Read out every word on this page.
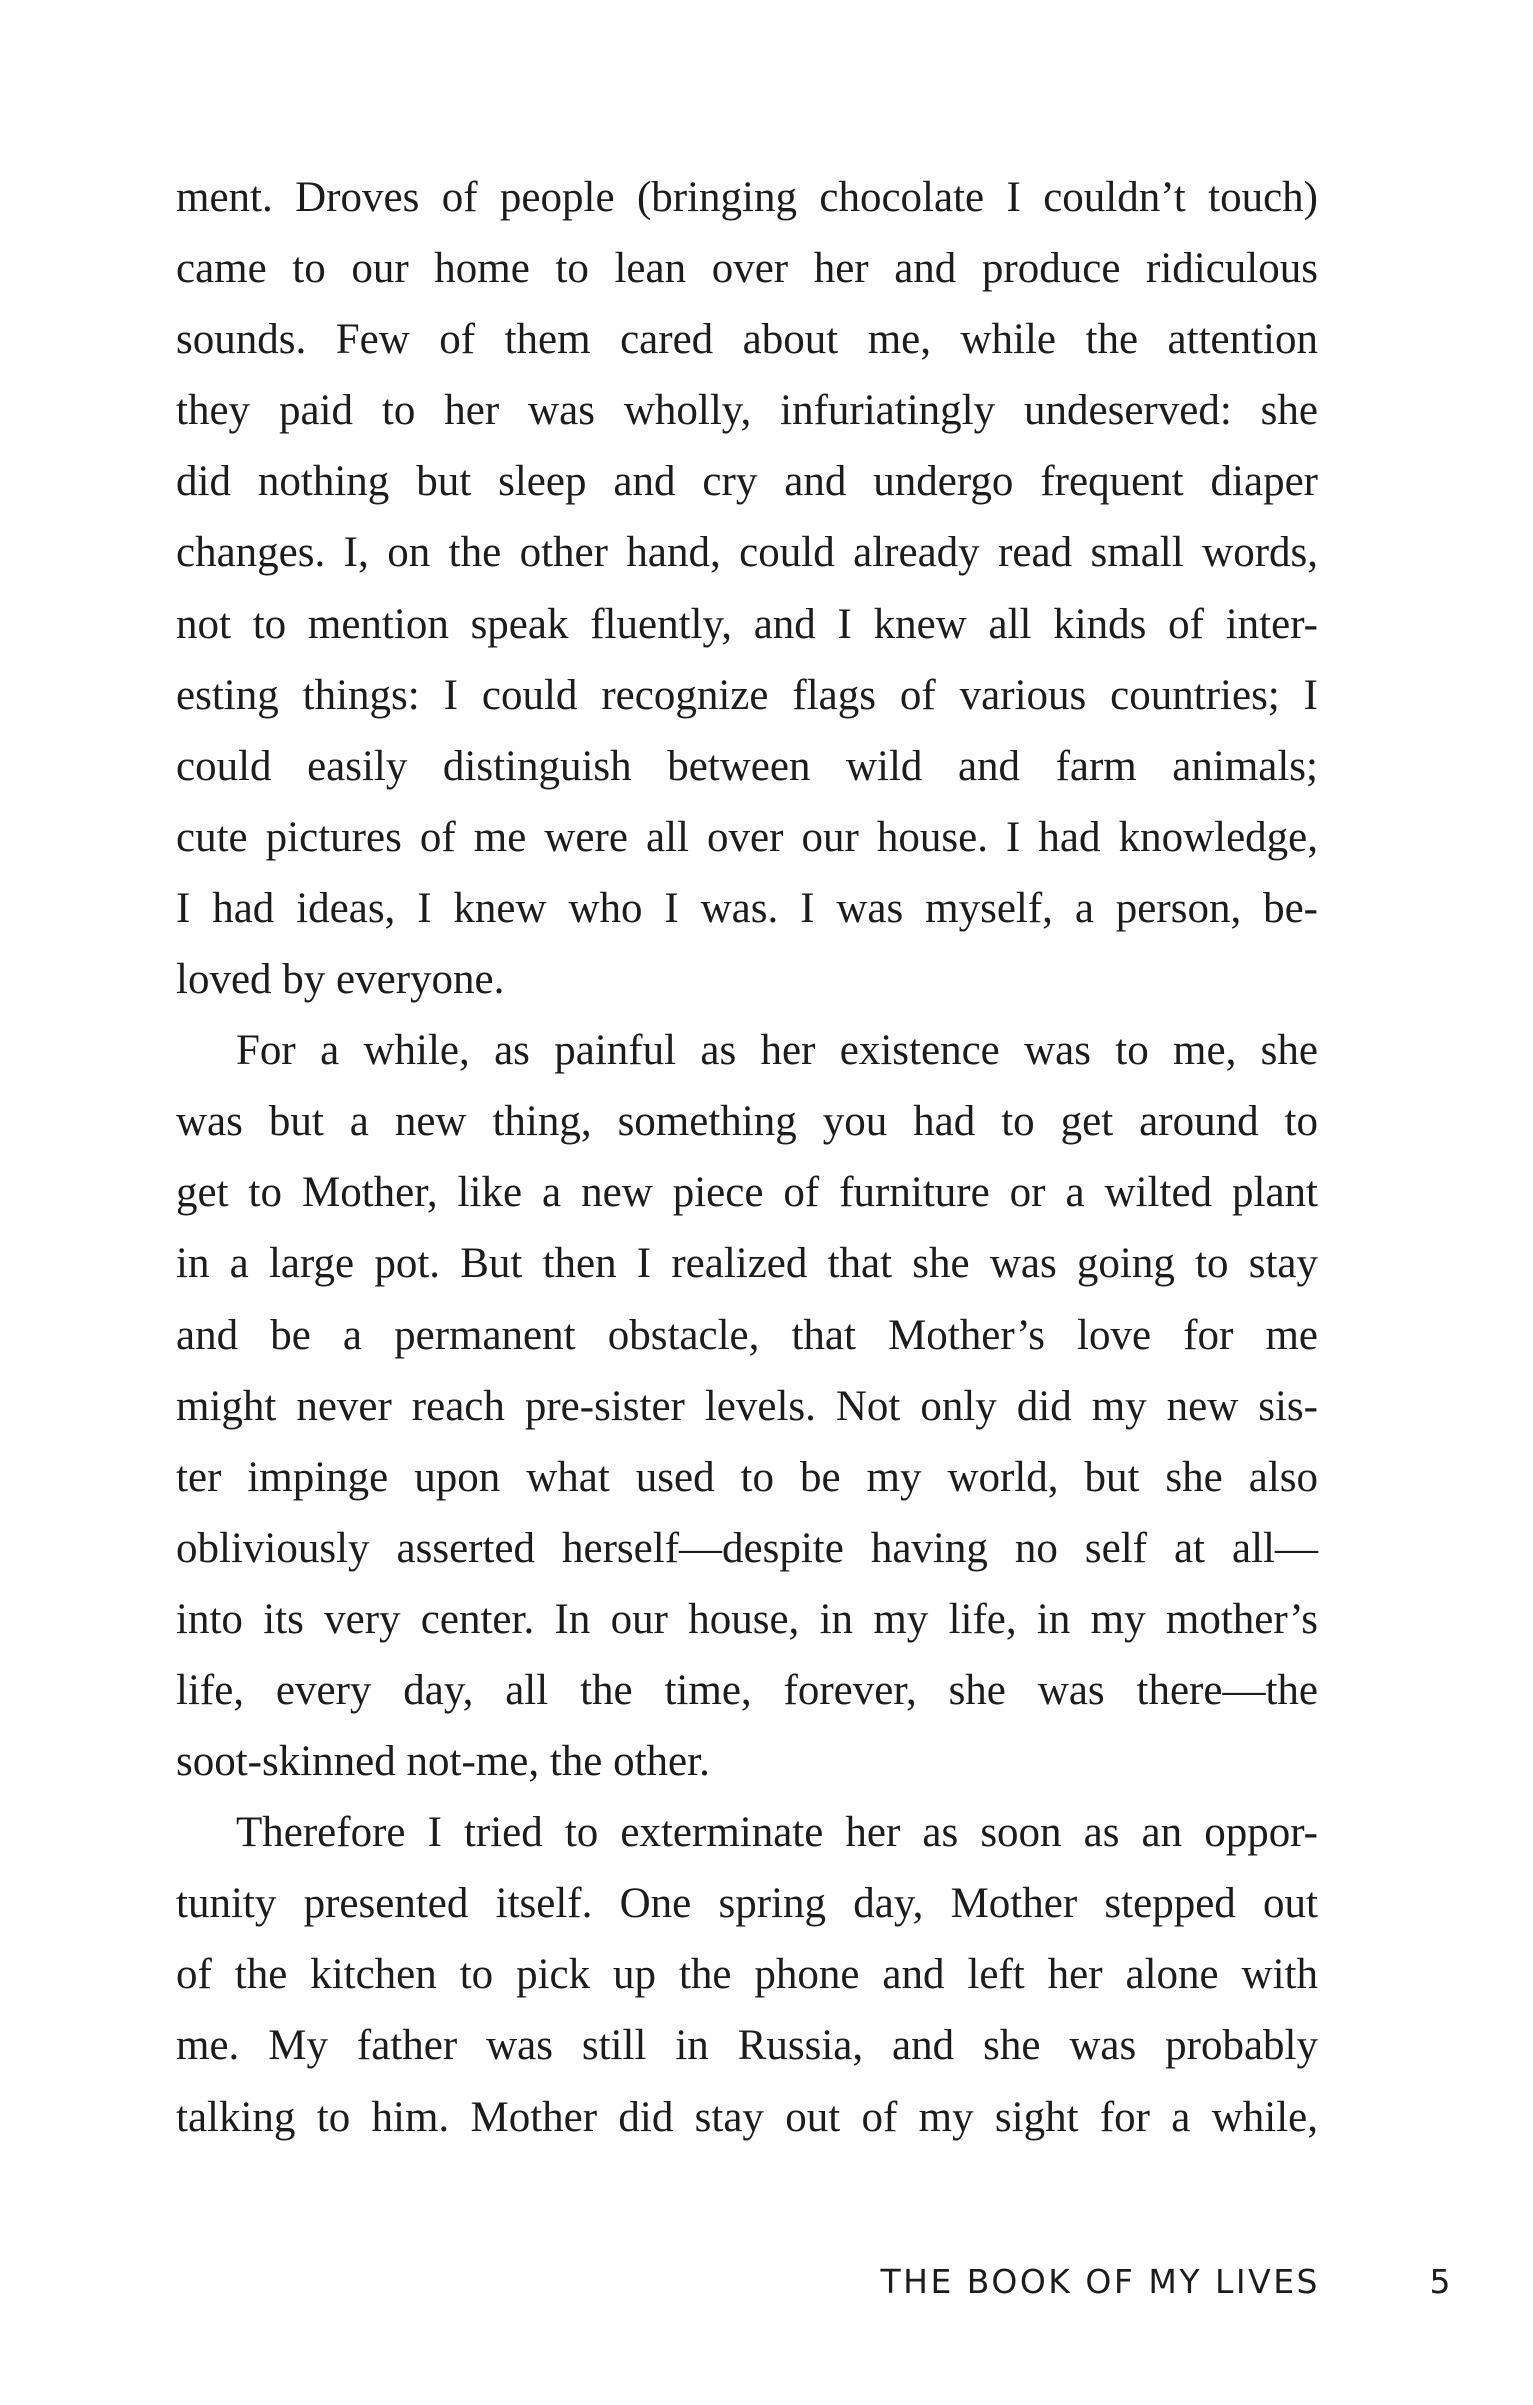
ment. Droves of people (bringing chocolate I couldn’t touch)
came to our home to lean over her and produce ridiculous
sounds. Few of them cared about me, while the attention
they paid to her was wholly, infuriatingly undeserved: she
did nothing but sleep and cry and undergo frequent diaper
changes. I, on the other hand, could already read small words,
not to mention speak fluently, and I knew all kinds of inter-
esting things: I could recognize flags of various countries; I
could easily distinguish between wild and farm animals;
cute pictures of me were all over our house. I had knowledge,
I had ideas, I knew who I was. I was myself, a person, be-
loved by everyone.
For a while, as painful as her existence was to me, she
was but a new thing, something you had to get around to
get to Mother, like a new piece of furniture or a wilted plant
in a large pot. But then I realized that she was going to stay
and be a permanent obstacle, that Mother’s love for me
might never reach pre-sister levels. Not only did my new sis-
ter impinge upon what used to be my world, but she also
obliviously asserted herself—despite having no self at all—
into its very center. In our house, in my life, in my mother’s
life, every day, all the time, forever, she was there—the
soot-skinned not-me, the other.
Therefore I tried to exterminate her as soon as an oppor-
tunity presented itself. One spring day, Mother stepped out
of the kitchen to pick up the phone and left her alone with
me. My father was still in Russia, and she was probably
talking to him. Mother did stay out of my sight for a while,
THE BOOK OF MY LIVES	5
